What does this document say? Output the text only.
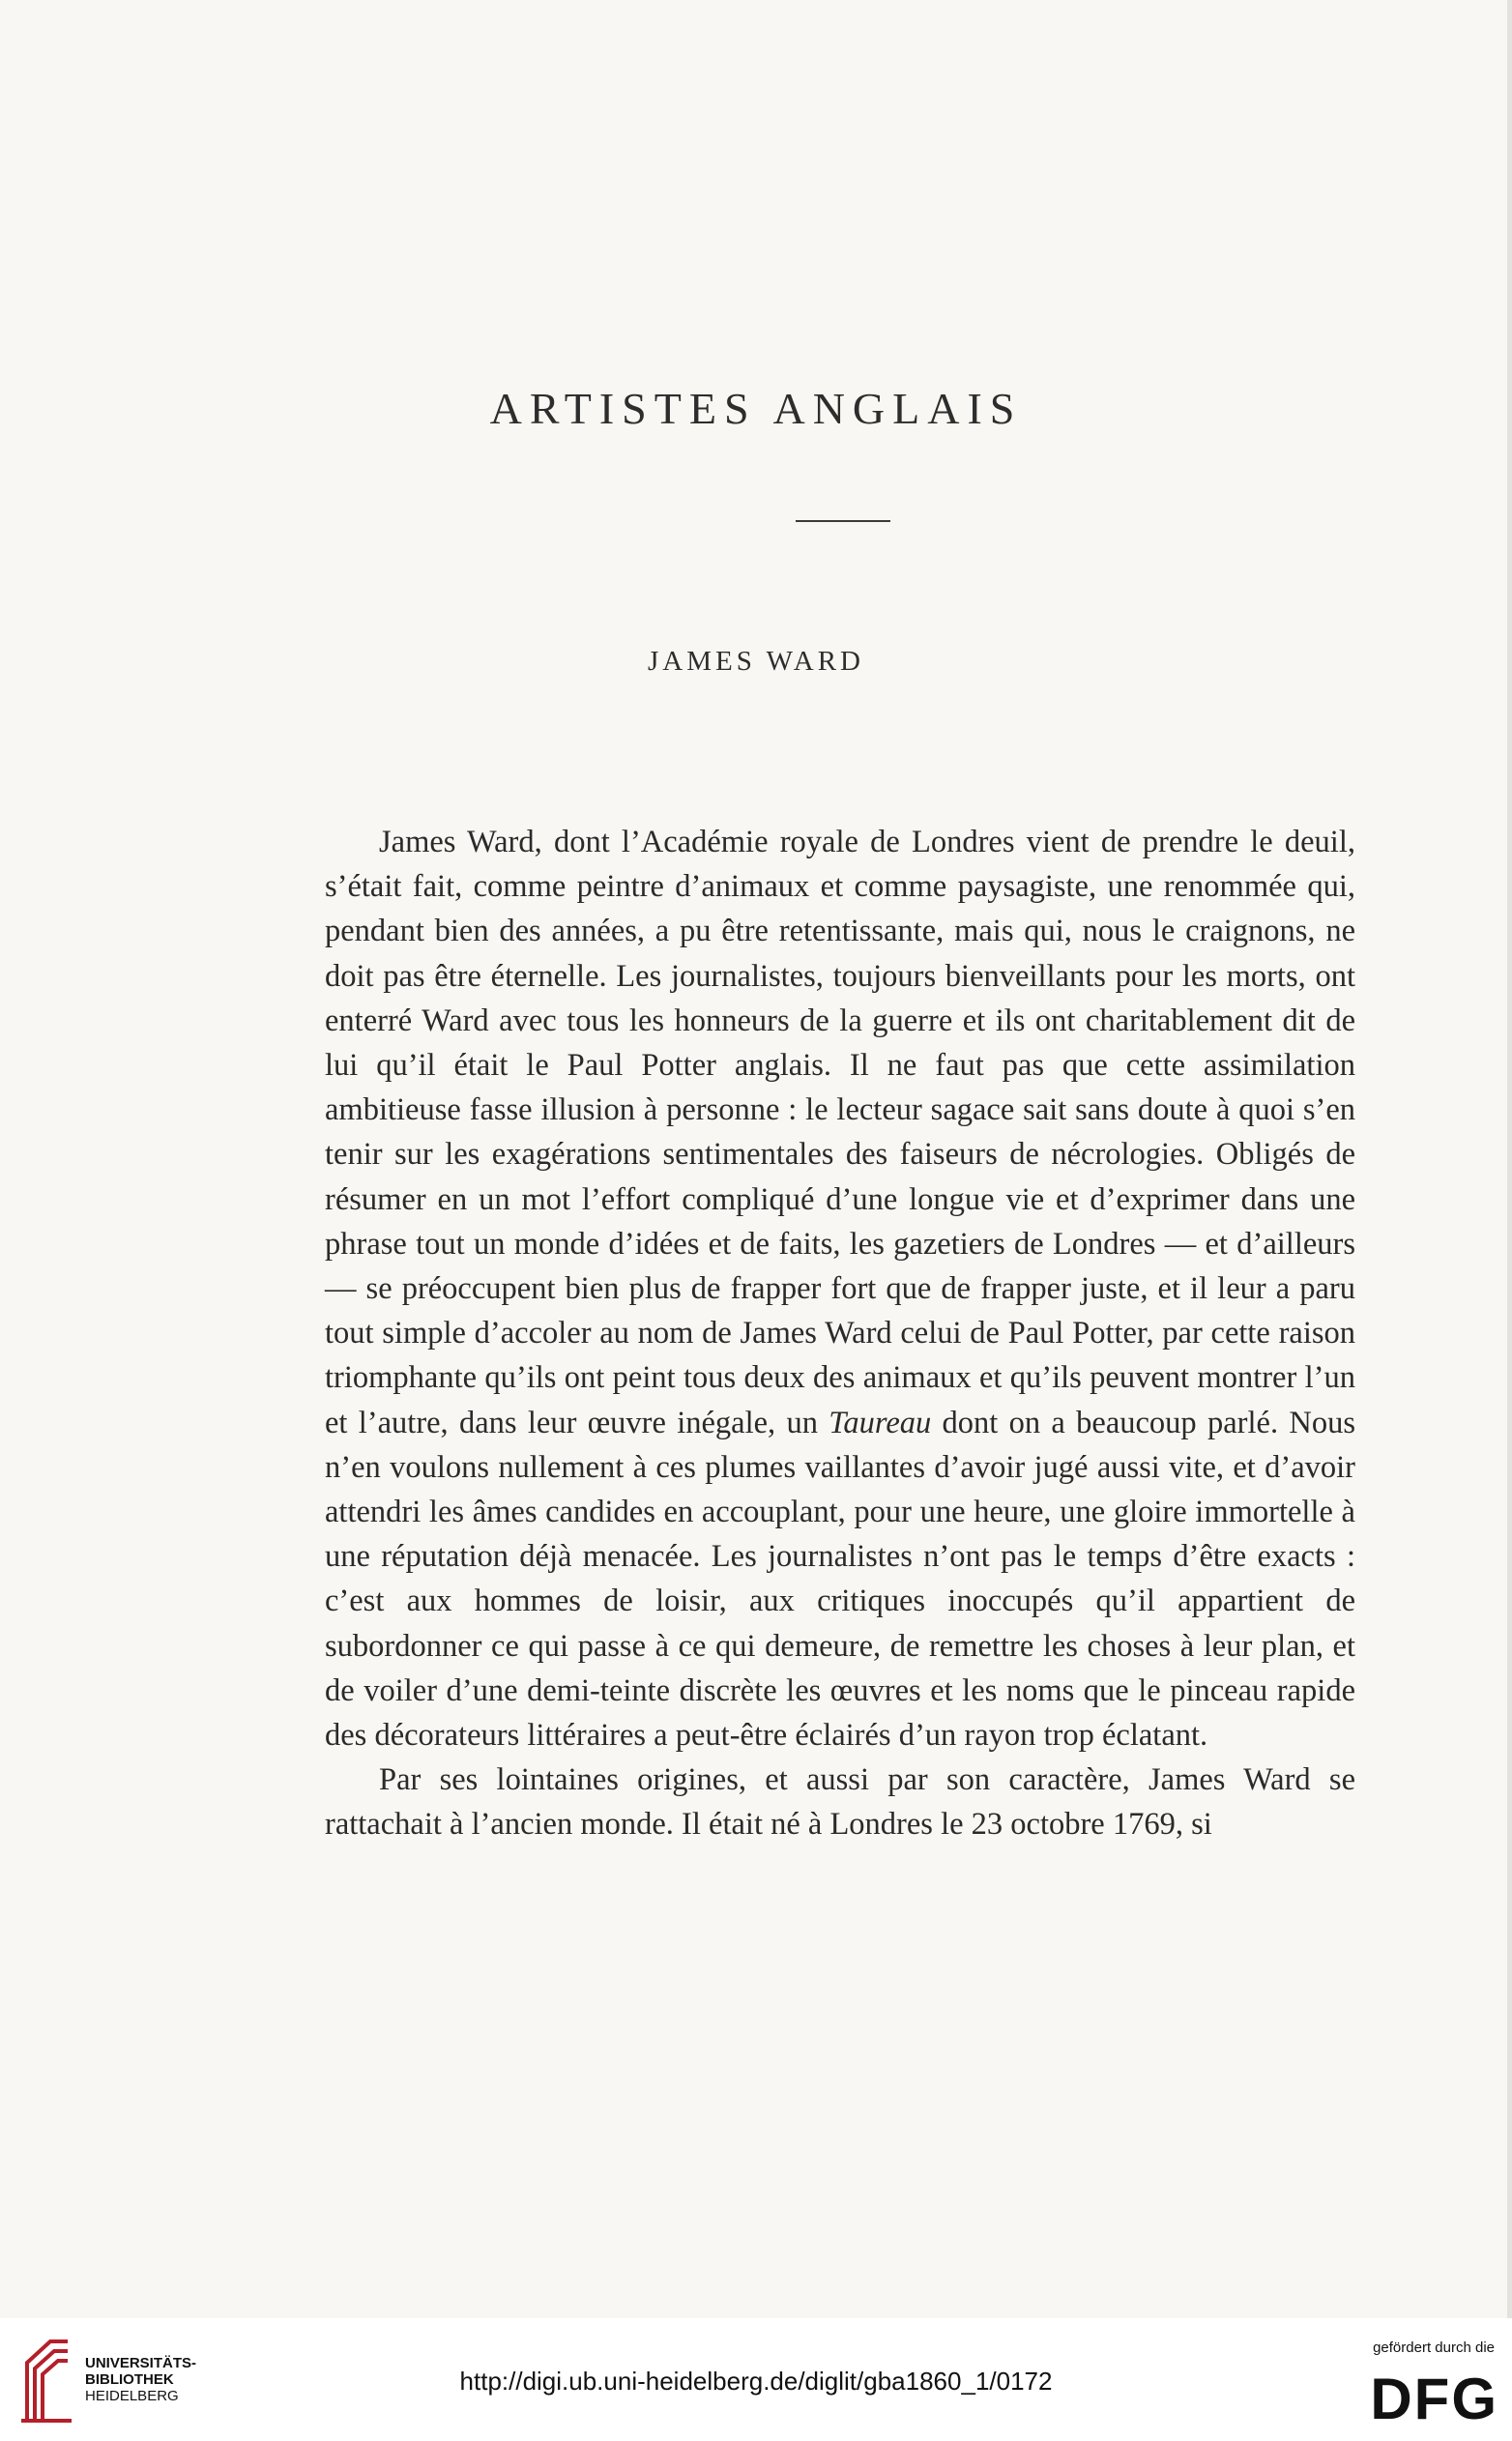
ARTISTES ANGLAIS
JAMES WARD

James Ward, dont l’Académie royale de Londres vient de prendre le deuil, s’était fait, comme peintre d’animaux et comme paysagiste, une renommée qui, pendant bien des années, a pu être retentissante, mais qui, nous le craignons, ne doit pas être éternelle. Les journalistes, toujours bienveillants pour les morts, ont enterré Ward avec tous les honneurs de la guerre et ils ont charitablement dit de lui qu’il était le Paul Potter anglais. Il ne faut pas que cette assimilation ambitieuse fasse illusion à personne : le lecteur sagace sait sans doute à quoi s’en tenir sur les exagérations sentimentales des faiseurs de nécrologies. Obligés de résumer en un mot l’effort compliqué d’une longue vie et d’exprimer dans une phrase tout un monde d’idées et de faits, les gazetiers de Londres — et d’ailleurs — se préoccupent bien plus de frapper fort que de frapper juste, et il leur a paru tout simple d’accoler au nom de James Ward celui de Paul Potter, par cette raison triomphante qu’ils ont peint tous deux des animaux et qu’ils peuvent montrer l’un et l’autre, dans leur œuvre inégale, un Taureau dont on a beaucoup parlé. Nous n’en voulons nullement à ces plumes vaillantes d’avoir jugé aussi vite, et d’avoir attendri les âmes candides en accouplant, pour une heure, une gloire immortelle à une réputation déjà menacée. Les journalistes n’ont pas le temps d’être exacts : c’est aux hommes de loisir, aux critiques inoccupés qu’il appartient de subordonner ce qui passe à ce qui demeure, de remettre les choses à leur plan, et de voiler d’une demi-teinte discrète les œuvres et les noms que le pinceau rapide des décorateurs littéraires a peut-être éclairés d’un rayon trop éclatant.

Par ses lointaines origines, et aussi par son caractère, James Ward se rattachait à l’ancien monde. Il était né à Londres le 23 octobre 1769, si

UNIVERSITÄTS-
BIBLIOTHEK
HEIDELBERG
http://digi.ub.uni-heidelberg.de/diglit/gba1860_1/0172
gefördert durch die
DFG
